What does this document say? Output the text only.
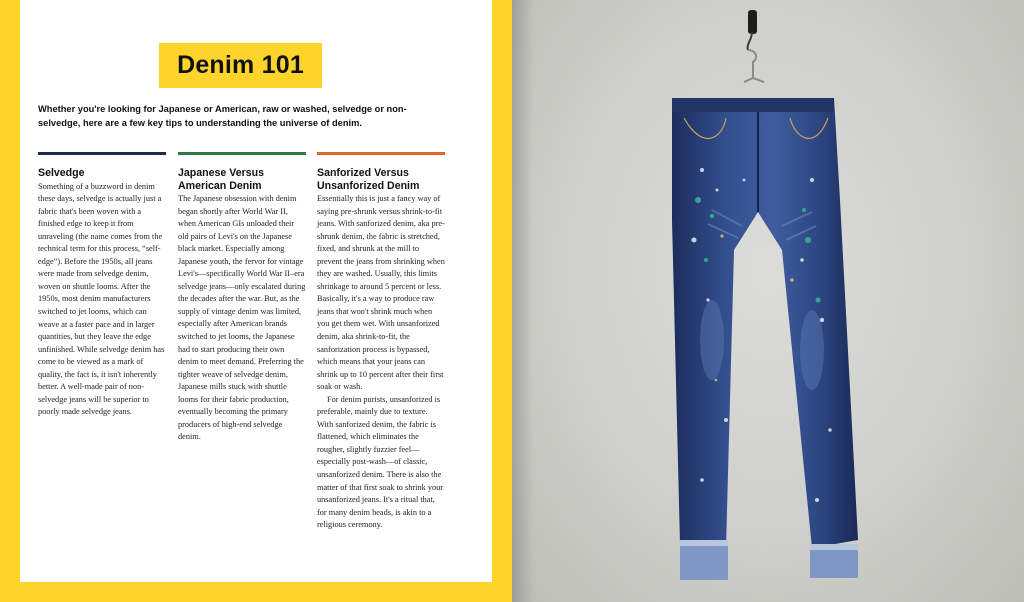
Denim 101

Whether you're looking for Japanese or American, raw or washed, selvedge or non-selvedge, here are a few key tips to understanding the universe of denim.

Selvedge

Something of a buzzword in denim these days, selvedge is actually just a fabric that's been woven with a finished edge to keep it from unraveling (the name comes from the technical term for this process, “self-edge”). Before the 1950s, all jeans were made from selvedge denim, woven on shuttle looms. After the 1950s, most denim manufacturers switched to jet looms, which can weave at a faster pace and in larger quantities, but they leave the edge unfinished. While selvedge denim has come to be viewed as a mark of quality, the fact is, it isn't inherently better. A well-made pair of non-selvedge jeans will be superior to poorly made selvedge jeans.

Japanese Versus American Denim

The Japanese obsession with denim began shortly after World War II, when American GIs unloaded their old pairs of Levi's on the Japanese black market. Especially among Japanese youth, the fervor for vintage Levi's—specifically World War II–era selvedge jeans—only escalated during the decades after the war. But, as the supply of vintage denim was limited, especially after American brands switched to jet looms, the Japanese had to start producing their own denim to meet demand. Preferring the tighter weave of selvedge denim, Japanese mills stuck with shuttle looms for their fabric production, eventually becoming the primary producers of high-end selvedge denim.

Sanforized Versus Unsanforized Denim

Essentially this is just a fancy way of saying pre-shrunk versus shrink-to-fit jeans. With sanforized denim, aka pre-shrunk denim, the fabric is stretched, fixed, and shrunk at the mill to prevent the jeans from shrinking when they are washed. Usually, this limits shrinkage to around 5 percent or less. Basically, it's a way to produce raw jeans that won't shrink much when you get them wet. With unsanforized denim, aka shrink-to-fit, the sanforization process is bypassed, which means that your jeans can shrink up to 10 percent after their first soak or wash.

For denim purists, unsanforized is preferable, mainly due to texture. With sanforized denim, the fabric is flattened, which eliminates the rougher, slightly fuzzier feel—especially post-wash—of classic, unsanforized denim. There is also the matter of that first soak to shrink your unsanforized jeans. It's a ritual that, for many denim heads, is akin to a religious ceremony.
